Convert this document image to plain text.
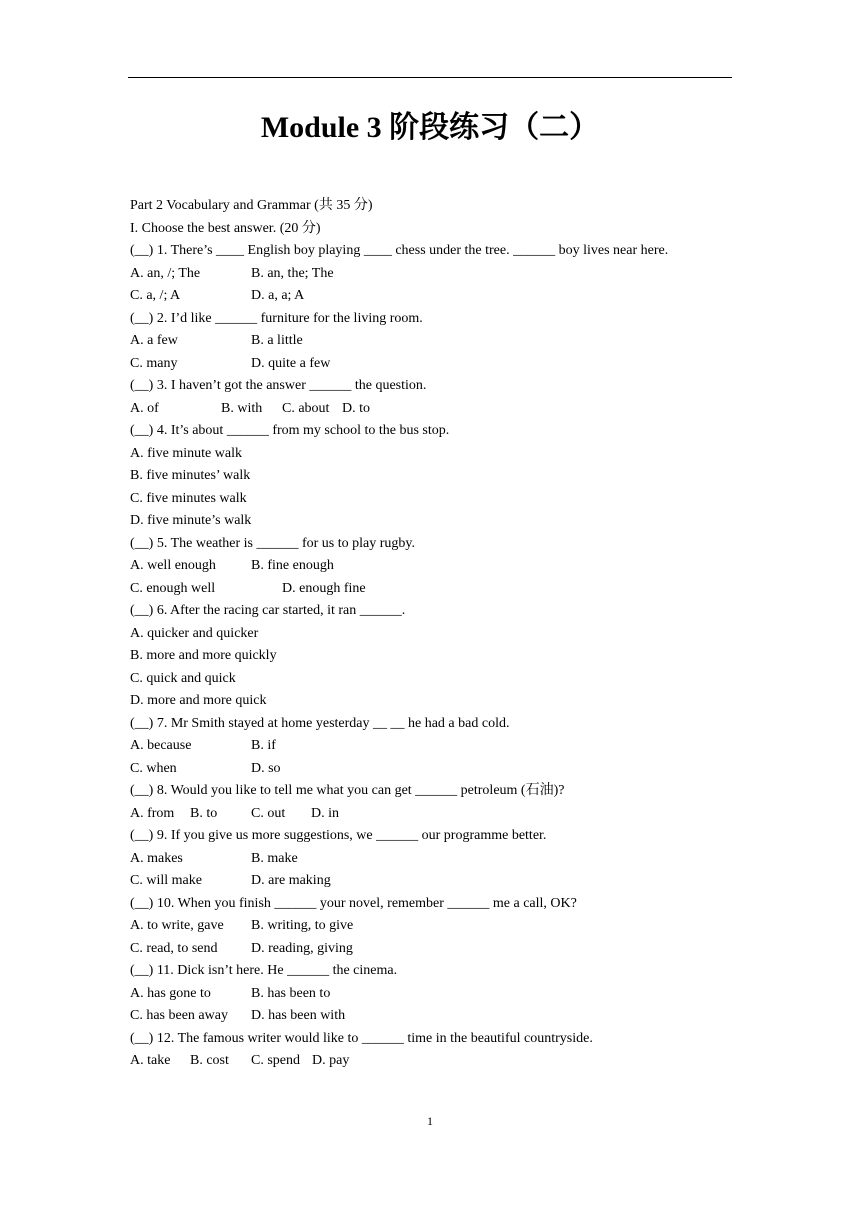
Module 3 阶段练习（二）
Part 2 Vocabulary and Grammar (共 35 分)
I. Choose the best answer. (20 分)
(__) 1. There’s ____ English boy playing ____ chess under the tree. ______ boy lives near here.
A. an, /; The	B. an, the; The
C. a, /; A	D. a, a; A
(__) 2. I’d like ______ furniture for the living room.
A. a few	B. a little
C. many	D. quite a few
(__) 3. I haven’t got the answer ______ the question.
A. of	B. with C. about D. to
(__) 4. It’s about ______ from my school to the bus stop.
A. five minute walk
B. five minutes’ walk
C. five minutes walk
D. five minute’s walk
(__) 5. The weather is ______ for us to play rugby.
A. well enough	B. fine enough
C. enough well	D. enough fine
(__) 6. After the racing car started, it ran ______.
A. quicker and quicker
B. more and more quickly
C. quick and quick
D. more and more quick
(__) 7. Mr Smith stayed at home yesterday __ __ he had a bad cold.
A. because	B. if
C. when	D. so
(__) 8. Would you like to tell me what you can get ______ petroleum (石油)?
A. from B. to C. out D. in
(__) 9. If you give us more suggestions, we ______ our programme better.
A. makes	B. make
C. will make	D. are making
(__) 10. When you finish ______ your novel, remember ______ me a call, OK?
A. to write, gave B. writing, to give
C. read, to send D. reading, giving
(__) 11. Dick isn’t here. He ______ the cinema.
A. has gone to	B. has been to
C. has been away D. has been with
(__) 12. The famous writer would like to ______ time in the beautiful countryside.
A. take B. cost C. spend D. pay
1
